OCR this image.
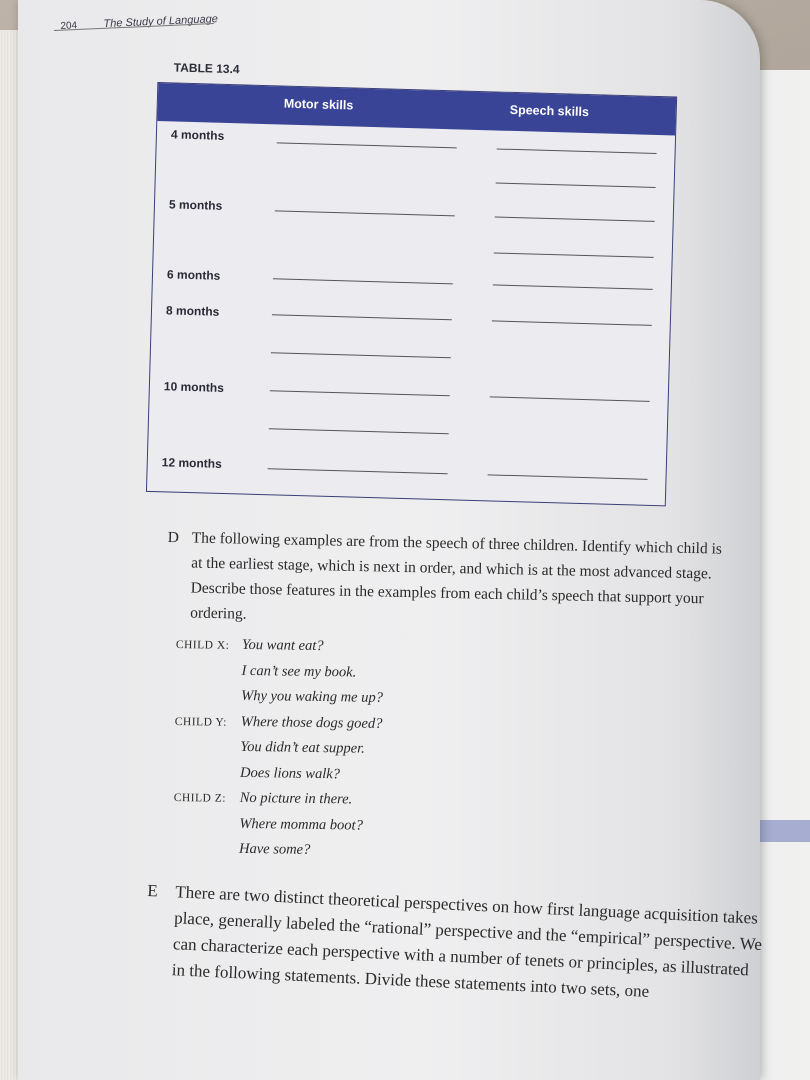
204 The Study of Language
TABLE 13.4
Motor skills	Speech skills
4 months
5 months
6 months
8 months
10 months
12 months
D The following examples are from the speech of three children. Identify which child is at the earliest stage, which is next in order, and which is at the most advanced stage. Describe those features in the examples from each child’s speech that support your ordering.
CHILD X: You want eat?
I can’t see my book.
Why you waking me up?
CHILD Y: Where those dogs goed?
You didn’t eat supper.
Does lions walk?
CHILD Z: No picture in there.
Where momma boot?
Have some?
E There are two distinct theoretical perspectives on how first language acquisition takes place, generally labeled the “rational” perspective and the “empirical” perspective. We can characterize each perspective with a number of tenets or principles, as illustrated in the following statements. Divide these statements into two sets, one
